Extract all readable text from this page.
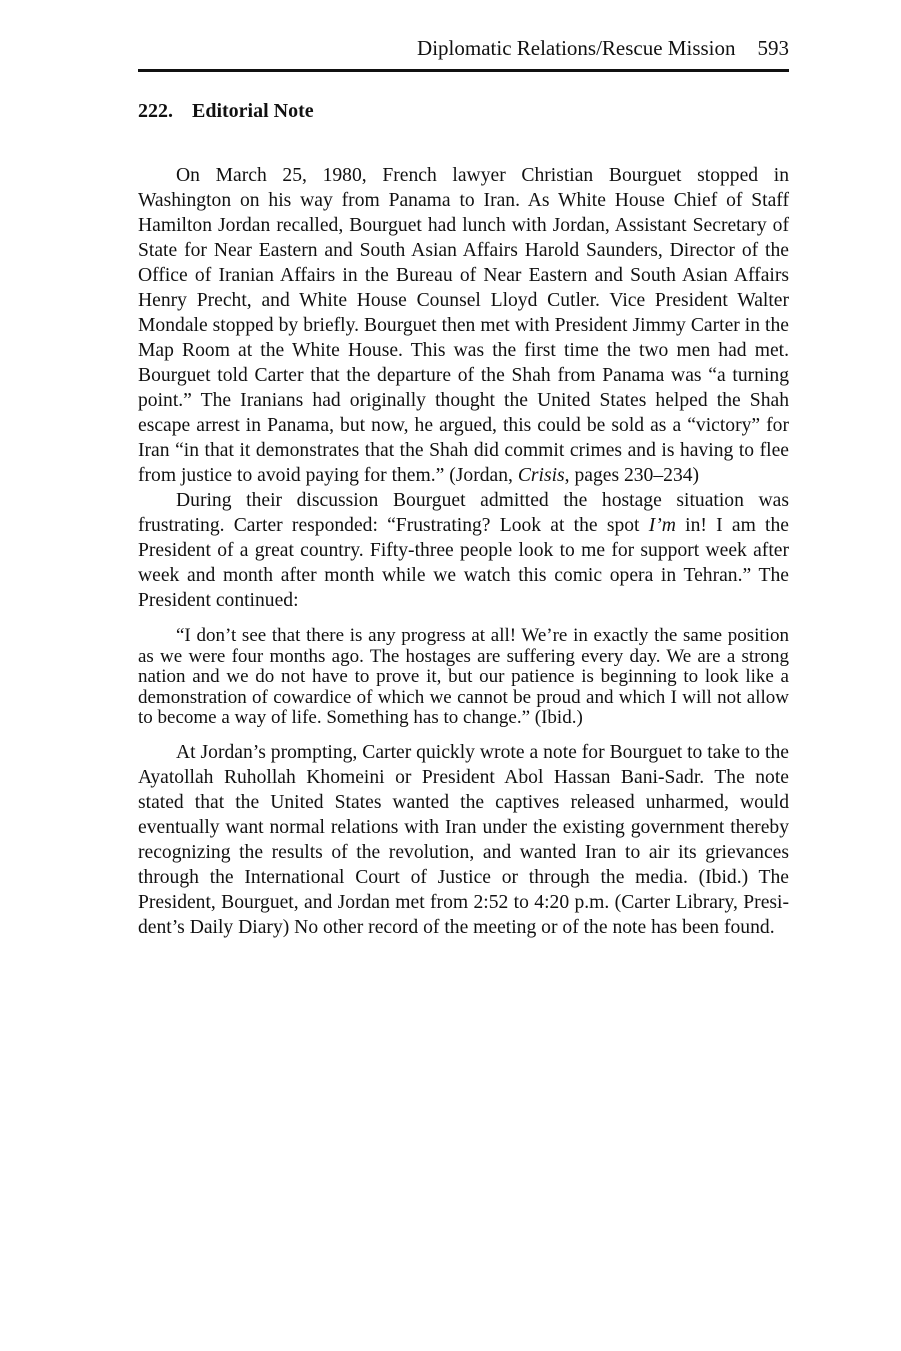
Diplomatic Relations/Rescue Mission 593
222. Editorial Note

On March 25, 1980, French lawyer Christian Bourguet stopped in Washington on his way from Panama to Iran. As White House Chief of Staff Hamilton Jordan recalled, Bourguet had lunch with Jordan, Assistant Secretary of State for Near Eastern and South Asian Affairs Harold Saunders, Director of the Office of Iranian Affairs in the Bureau of Near Eastern and South Asian Affairs Henry Precht, and White House Counsel Lloyd Cutler. Vice President Walter Mondale stopped by briefly. Bourguet then met with President Jimmy Carter in the Map Room at the White House. This was the first time the two men had met. Bourguet told Carter that the departure of the Shah from Panama was “a turning point.” The Iranians had originally thought the United States helped the Shah escape arrest in Panama, but now, he argued, this could be sold as a “victory” for Iran “in that it demonstrates that the Shah did commit crimes and is having to flee from justice to avoid paying for them.” (Jordan, Crisis, pages 230–234)

During their discussion Bourguet admitted the hostage situation was frustrating. Carter responded: “Frustrating? Look at the spot I’m in! I am the President of a great country. Fifty-three people look to me for support week after week and month after month while we watch this comic opera in Tehran.” The President continued:

“I don’t see that there is any progress at all! We’re in exactly the same position as we were four months ago. The hostages are suffering every day. We are a strong nation and we do not have to prove it, but our patience is beginning to look like a demonstration of cowardice of which we cannot be proud and which I will not allow to become a way of life. Something has to change.” (Ibid.)

At Jordan’s prompting, Carter quickly wrote a note for Bourguet to take to the Ayatollah Ruhollah Khomeini or President Abol Hassan Bani-Sadr. The note stated that the United States wanted the captives released unharmed, would eventually want normal relations with Iran under the existing government thereby recognizing the results of the revolution, and wanted Iran to air its grievances through the International Court of Justice or through the media. (Ibid.) The President, Bourguet, and Jordan met from 2:52 to 4:20 p.m. (Carter Library, President’s Daily Diary) No other record of the meeting or of the note has been found.
